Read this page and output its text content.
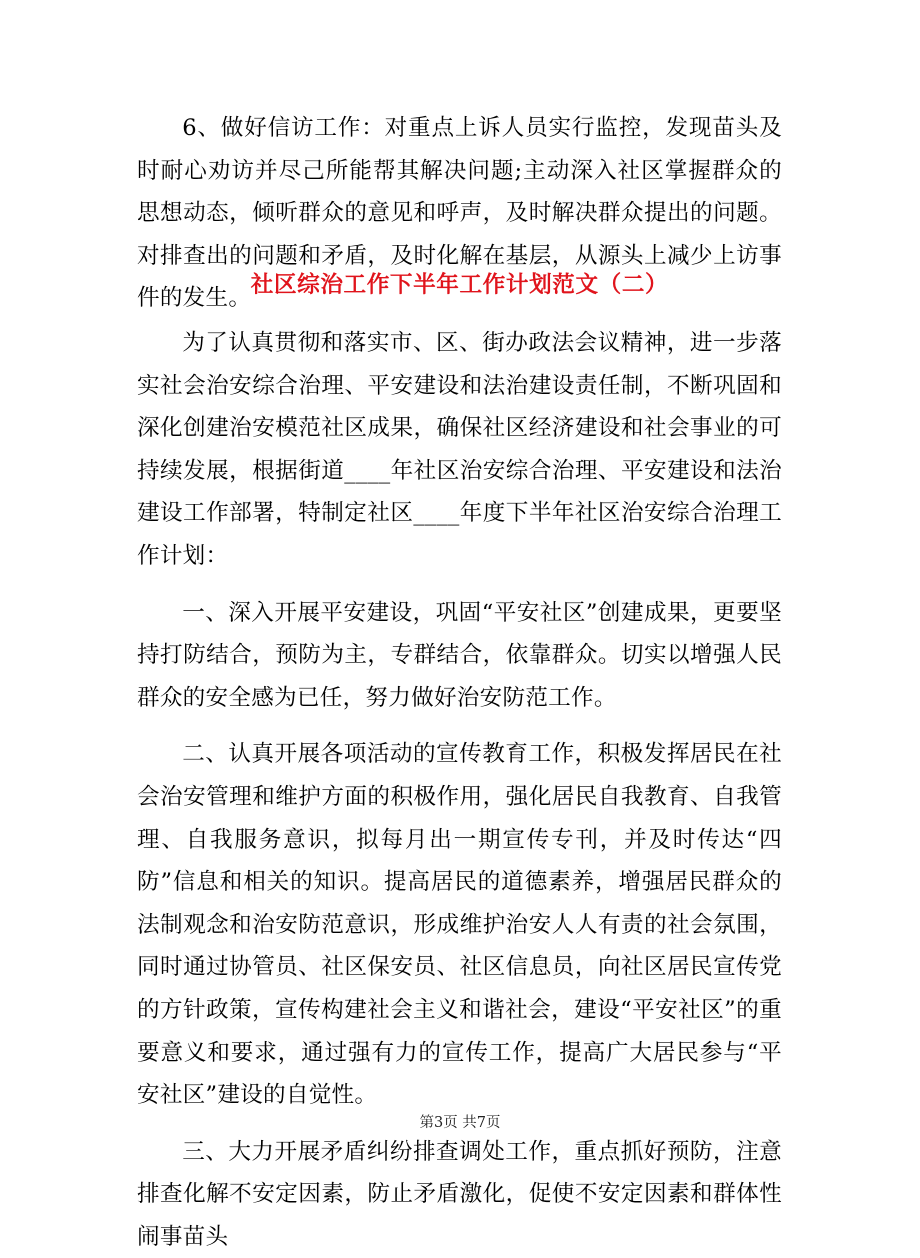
6、做好信访工作：对重点上诉人员实行监控，发现苗头及时耐心劝访并尽己所能帮其解决问题;主动深入社区掌握群众的思想动态，倾听群众的意见和呼声，及时解决群众提出的问题。对排查出的问题和矛盾，及时化解在基层，从源头上减少上访事件的发生。

社区综治工作下半年工作计划范文（二）

为了认真贯彻和落实市、区、街办政法会议精神，进一步落实社会治安综合治理、平安建设和法治建设责任制，不断巩固和深化创建治安模范社区成果，确保社区经济建设和社会事业的可持续发展，根据街道____年社区治安综合治理、平安建设和法治建设工作部署，特制定社区____年度下半年社区治安综合治理工作计划：

一、深入开展平安建设，巩固“平安社区”创建成果，更要坚持打防结合，预防为主，专群结合，依靠群众。切实以增强人民群众的安全感为已任，努力做好治安防范工作。

二、认真开展各项活动的宣传教育工作，积极发挥居民在社会治安管理和维护方面的积极作用，强化居民自我教育、自我管理、自我服务意识，拟每月出一期宣传专刊，并及时传达“四防”信息和相关的知识。提高居民的道德素养，增强居民群众的法制观念和治安防范意识，形成维护治安人人有责的社会氛围，同时通过协管员、社区保安员、社区信息员，向社区居民宣传党的方针政策，宣传构建社会主义和谐社会，建设“平安社区”的重要意义和要求，通过强有力的宣传工作，提高广大居民参与“平安社区”建设的自觉性。

三、大力开展矛盾纠纷排查调处工作，重点抓好预防，注意排查化解不安定因素，防止矛盾激化，促使不安定因素和群体性闹事苗头

第3页 共7页
